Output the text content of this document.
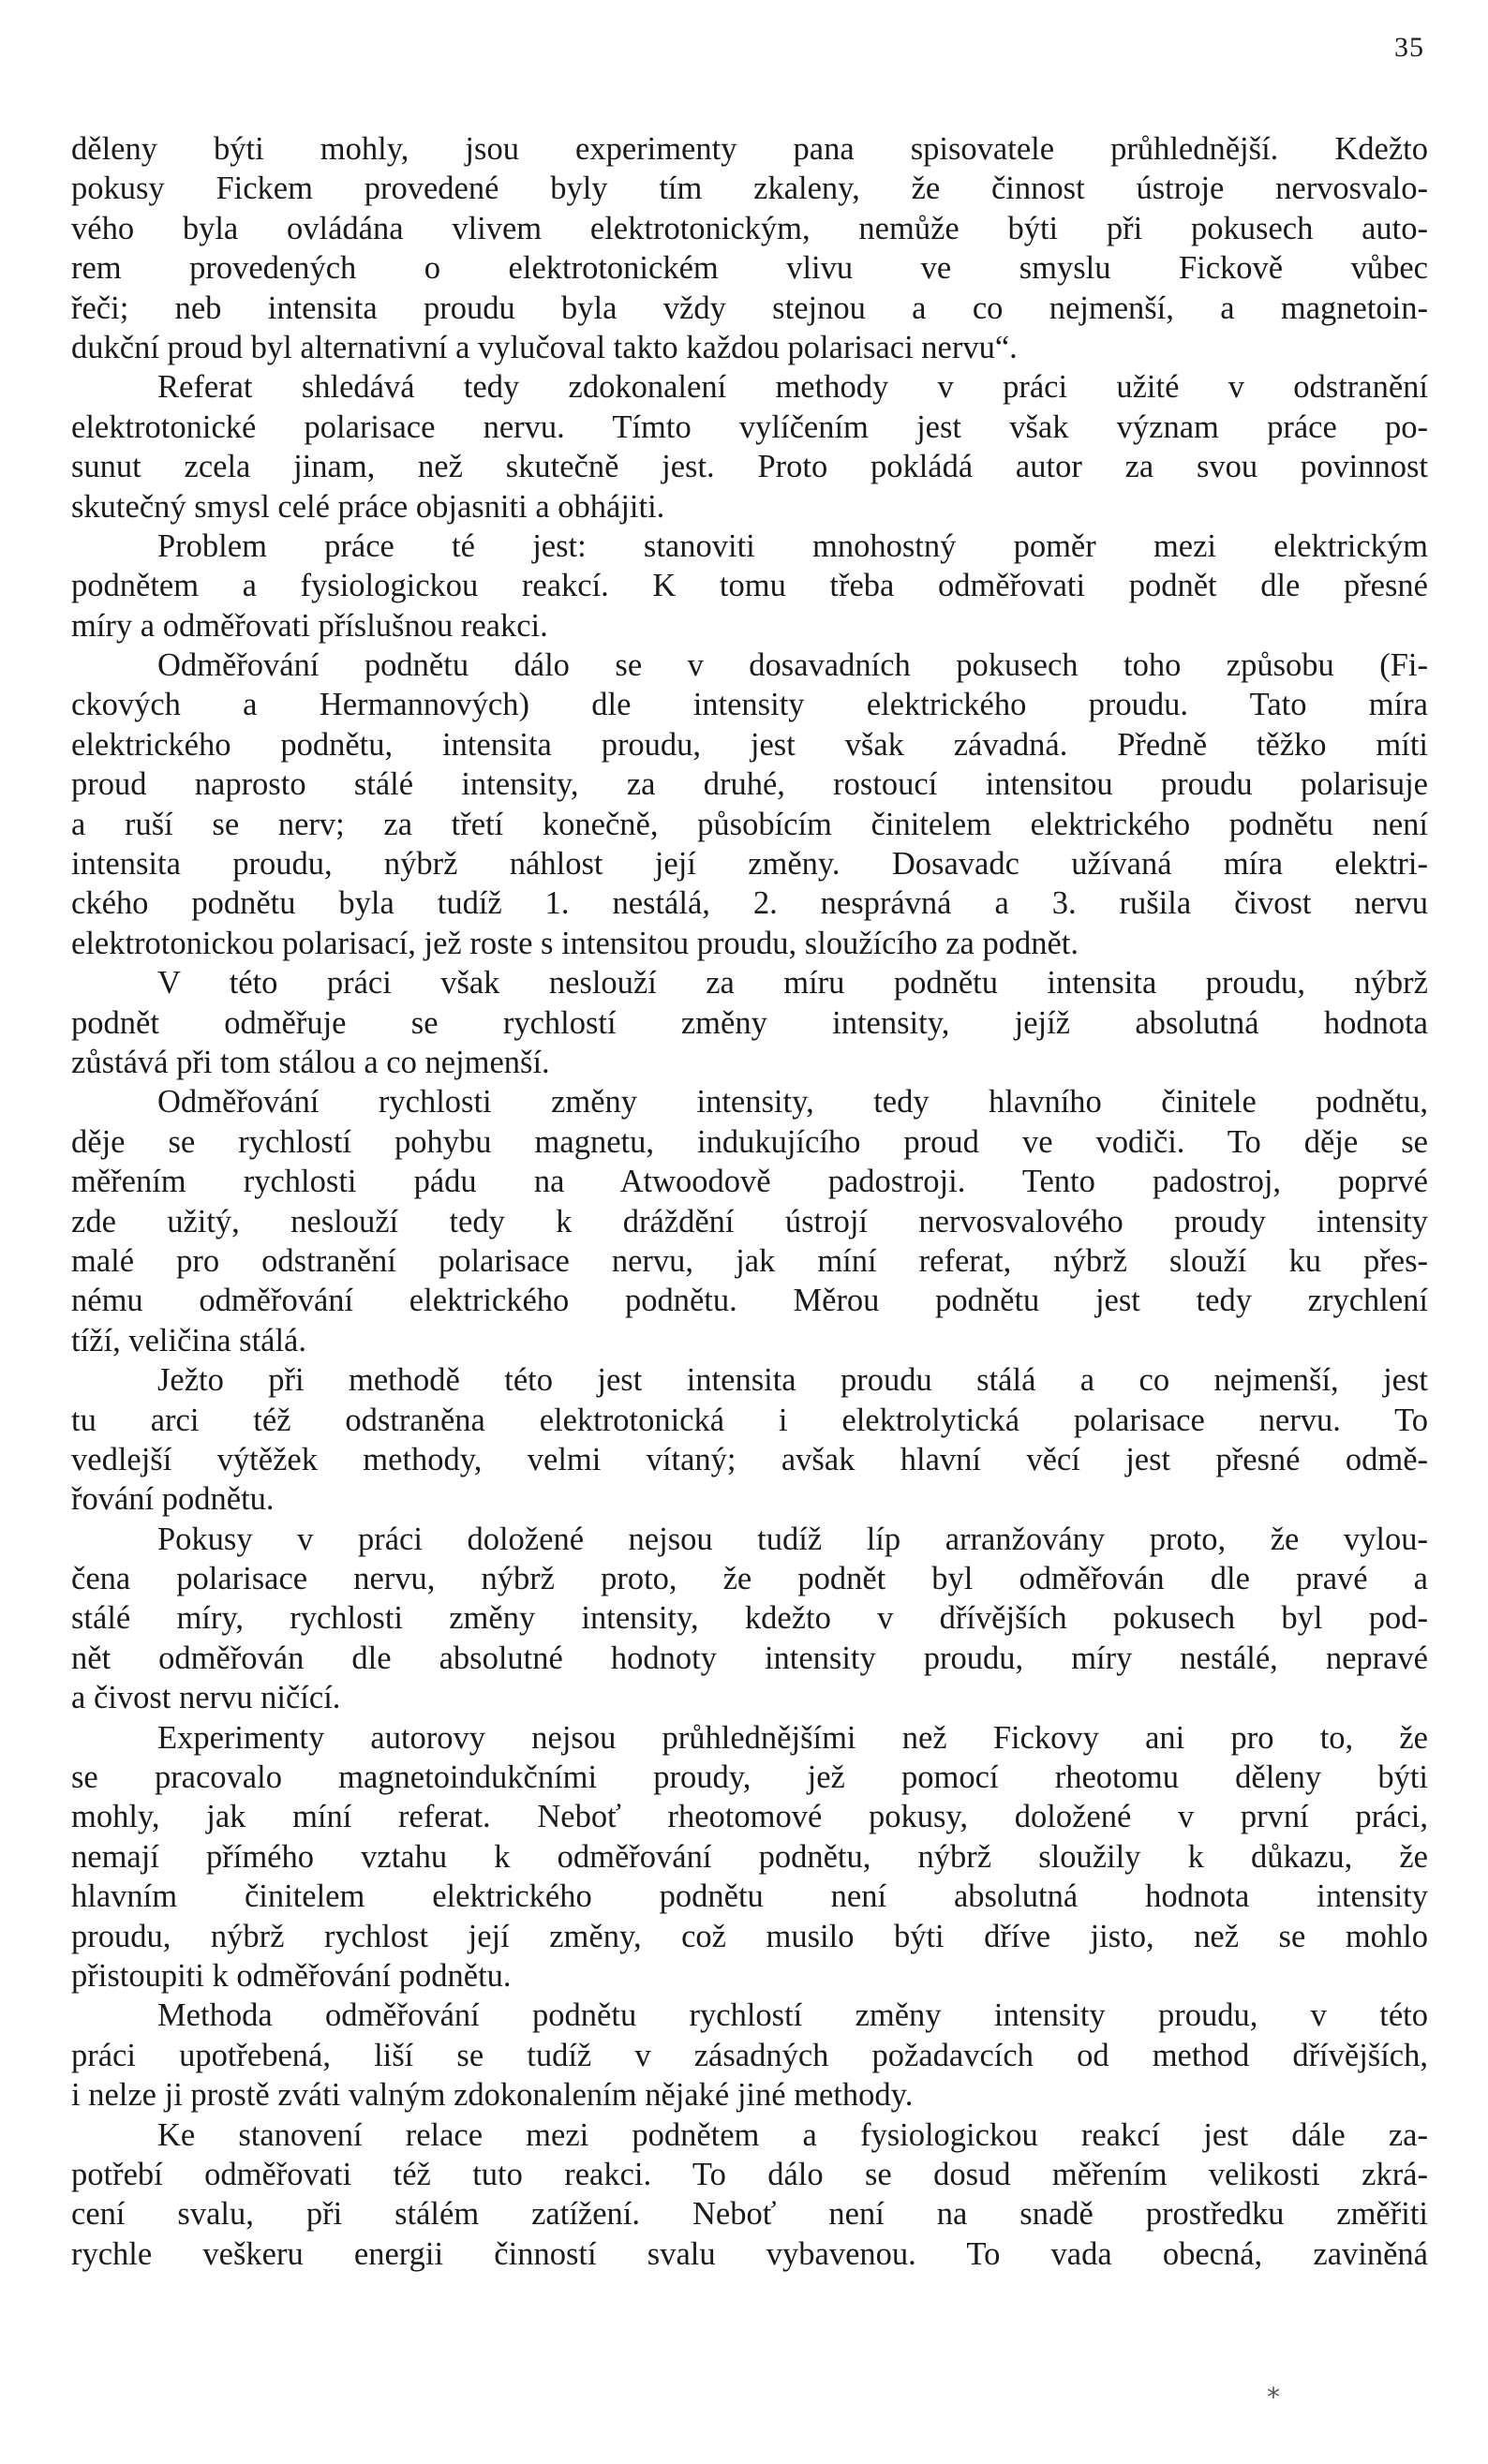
35
děleny býti mohly, jsou experimenty pana spisovatele průhlednější. Kdežto
pokusy Fickem provedené byly tím zkaleny, že činnost ústroje nervosvalo-
vého byla ovládána vlivem elektrotonickým, nemůže býti při pokusech auto-
rem provedených o elektrotonickém vlivu ve smyslu Fickově vůbec
řeči; neb intensita proudu byla vždy stejnou a co nejmenší, a magnetoin-
dukční proud byl alternativní a vylučoval takto každou polarisaci nervu“.
Referat shledává tedy zdokonalení methody v práci užité v odstranění
elektrotonické polarisace nervu. Tímto vylíčením jest však význam práce po-
sunut zcela jinam, než skutečně jest. Proto pokládá autor za svou povinnost
skutečný smysl celé práce objasniti a obhájiti.
Problem práce té jest: stanoviti mnohostný poměr mezi elektrickým
podnětem a fysiologickou reakcí. K tomu třeba odměřovati podnět dle přesné
míry a odměřovati příslušnou reakci.
Odměřování podnětu dálo se v dosavadních pokusech toho způsobu (Fi-
ckových a Hermannových) dle intensity elektrického proudu. Tato míra
elektrického podnětu, intensita proudu, jest však závadná. Předně těžko míti
proud naprosto stálé intensity, za druhé, rostoucí intensitou proudu polarisuje
a ruší se nerv; za třetí konečně, působícím činitelem elektrického podnětu není
intensita proudu, nýbrž náhlost její změny. Dosavadc užívaná míra elektri-
ckého podnětu byla tudíž 1. nestálá, 2. nesprávná a 3. rušila čivost nervu
elektrotonickou polarisací, jež roste s intensitou proudu, sloužícího za podnět.
V této práci však neslouží za míru podnětu intensita proudu, nýbrž
podnět odměřuje se rychlostí změny intensity, jejíž absolutná hodnota
zůstává při tom stálou a co nejmenší.
Odměřování rychlosti změny intensity, tedy hlavního činitele podnětu,
děje se rychlostí pohybu magnetu, indukujícího proud ve vodiči. To děje se
měřením rychlosti pádu na Atwoodově padostroji. Tento padostroj, poprvé
zde užitý, neslouží tedy k dráždění ústrojí nervosvalového proudy intensity
malé pro odstranění polarisace nervu, jak míní referat, nýbrž slouží ku přes-
nému odměřování elektrického podnětu. Měrou podnětu jest tedy zrychlení
tíží, veličina stálá.
Ježto při methodě této jest intensita proudu stálá a co nejmenší, jest
tu arci též odstraněna elektrotonická i elektrolytická polarisace nervu. To
vedlejší výtěžek methody, velmi vítaný; avšak hlavní věcí jest přesné odmě-
řování podnětu.
Pokusy v práci doložené nejsou tudíž líp arranžovány proto, že vylou-
čena polarisace nervu, nýbrž proto, že podnět byl odměřován dle pravé a
stálé míry, rychlosti změny intensity, kdežto v dřívějších pokusech byl pod-
nět odměřován dle absolutné hodnoty intensity proudu, míry nestálé, nepravé
a čivost nervu ničící.
Experimenty autorovy nejsou průhlednějšími než Fickovy ani pro to, že
se pracovalo magnetoindukčními proudy, jež pomocí rheotomu děleny býti
mohly, jak míní referat. Neboť rheotomové pokusy, doložené v první práci,
nemají přímého vztahu k odměřování podnětu, nýbrž sloužily k důkazu, že
hlavním činitelem elektrického podnětu není absolutná hodnota intensity
proudu, nýbrž rychlost její změny, což musilo býti dříve jisto, než se mohlo
přistoupiti k odměřování podnětu.
Methoda odměřování podnětu rychlostí změny intensity proudu, v této
práci upotřebená, liší se tudíž v zásadných požadavcích od method dřívějších,
i nelze ji prostě zváti valným zdokonalením nějaké jiné methody.
Ke stanovení relace mezi podnětem a fysiologickou reakcí jest dále za-
potřebí odměřovati též tuto reakci. To dálo se dosud měřením velikosti zkrá-
cení svalu, při stálém zatížení. Neboť není na snadě prostředku změřiti
rychle veškeru energii činností svalu vybavenou. To vada obecná, zaviněná
*
